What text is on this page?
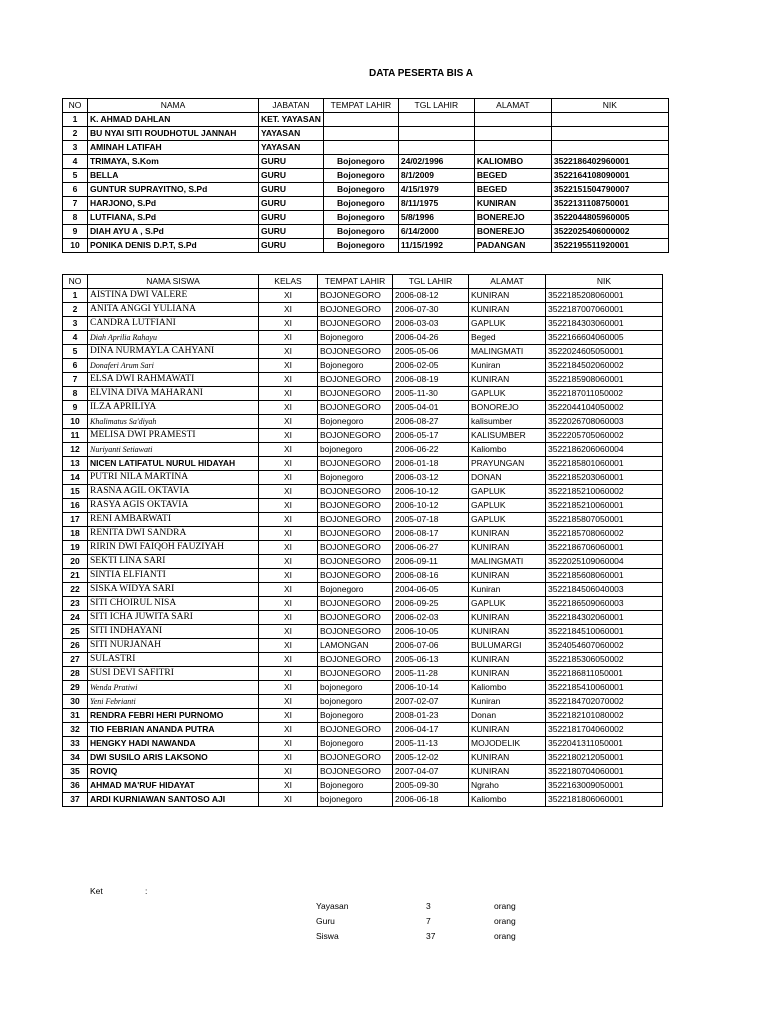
DATA PESERTA BIS A
NO	NAMA	JABATAN	TEMPAT LAHIR	TGL LAHIR	ALAMAT	NIK
1	K. AHMAD DAHLAN	KET. YAYASAN				
2	BU NYAI SITI ROUDHOTUL JANNAH	YAYASAN				
3	AMINAH LATIFAH	YAYASAN				
4	TRIMAYA, S.Kom	GURU	Bojonegoro	24/02/1996	KALIOMBO	3522186402960001
5	BELLA	GURU	Bojonegoro	8/1/2009	BEGED	3522164108090001
6	GUNTUR SUPRAYITNO, S.Pd	GURU	Bojonegoro	4/15/1979	BEGED	3522151504790007
7	HARJONO, S.Pd	GURU	Bojonegoro	8/11/1975	KUNIRAN	3522131108750001
8	LUTFIANA, S.Pd	GURU	Bojonegoro	5/8/1996	BONEREJO	3522044805960005
9	DIAH AYU A , S.Pd	GURU	Bojonegoro	6/14/2000	BONEREJO	3522025406000002
10	PONIKA DENIS D.P.T, S.Pd	GURU	Bojonegoro	11/15/1992	PADANGAN	3522195511920001
NO	NAMA SISWA	KELAS	TEMPAT LAHIR	TGL LAHIR	ALAMAT	NIK
1	AISTINA DWI VALERE	XI	BOJONEGORO	2006-08-12	KUNIRAN	3522185208060001
2	ANITA ANGGI YULIANA	XI	BOJONEGORO	2006-07-30	KUNIRAN	3522187007060001
3	CANDRA LUTFIANI	XI	BOJONEGORO	2006-03-03	GAPLUK	3522184303060001
4	Diah Aprilia Rahayu	XI	Bojonegoro	2006-04-26	Beged	3522166604060005
5	DINA NURMAYLA CAHYANI	XI	BOJONEGORO	2005-05-06	MALINGMATI	3522024605050001
6	Donaferi Arum Sari	XI	Bojonegoro	2006-02-05	Kuniran	3522184502060002
7	ELSA DWI RAHMAWATI	XI	BOJONEGORO	2006-08-19	KUNIRAN	3522185908060001
8	ELVINA DIVA MAHARANI	XI	BOJONEGORO	2005-11-30	GAPLUK	3522187011050002
9	ILZA APRILIYA	XI	BOJONEGORO	2005-04-01	BONOREJO	3522044104050002
10	Khalimatus Sa'diyah	XI	Bojonegoro	2006-08-27	kalisumber	3522026708060003
11	MELISA DWI PRAMESTI	XI	BOJONEGORO	2006-05-17	KALISUMBER	3522205705060002
12	Nuriyanti Setiawati	XI	bojonegoro	2006-06-22	Kaliombo	3522186206060004
13	NICEN LATIFATUL NURUL HIDAYAH	XI	BOJONEGORO	2006-01-18	PRAYUNGAN	3522185801060001
14	PUTRI NILA MARTINA	XI	Bojonegoro	2006-03-12	DONAN	3522185203060001
15	RASNA AGIL OKTAVIA	XI	BOJONEGORO	2006-10-12	GAPLUK	3522185210060002
16	RASYA AGIS OKTAVIA	XI	BOJONEGORO	2006-10-12	GAPLUK	3522185210060001
17	RENI AMBARWATI	XI	BOJONEGORO	2005-07-18	GAPLUK	3522185807050001
18	RENITA DWI SANDRA	XI	BOJONEGORO	2006-08-17	KUNIRAN	3522185708060002
19	RIRIN DWI FAIQOH FAUZIYAH	XI	BOJONEGORO	2006-06-27	KUNIRAN	3522186706060001
20	SEKTI LINA SARI	XI	BOJONEGORO	2006-09-11	MALINGMATI	3522025109060004
21	SINTIA ELFIANTI	XI	BOJONEGORO	2006-08-16	KUNIRAN	3522185608060001
22	SISKA WIDYA SARI	XI	Bojonegoro	2004-06-05	Kuniran	3522184506040003
23	SITI CHOIRUL NISA	XI	BOJONEGORO	2006-09-25	GAPLUK	3522186509060003
24	SITI ICHA JUWITA SARI	XI	BOJONEGORO	2006-02-03	KUNIRAN	3522184302060001
25	SITI INDHAYANI	XI	BOJONEGORO	2006-10-05	KUNIRAN	3522184510060001
26	SITI NURJANAH	XI	LAMONGAN	2006-07-06	BULUMARGI	3524054607060002
27	SULASTRI	XI	BOJONEGORO	2005-06-13	KUNIRAN	3522185306050002
28	SUSI DEVI SAFITRI	XI	BOJONEGORO	2005-11-28	KUNIRAN	3522186811050001
29	Wenda Pratiwi	XI	bojonegoro	2006-10-14	Kaliombo	3522185410060001
30	Yeni Febrianti	XI	bojonegoro	2007-02-07	Kuniran	3522184702070002
31	RENDRA FEBRI HERI PURNOMO	XI	Bojonegoro	2008-01-23	Donan	3522182101080002
32	TIO FEBRIAN ANANDA PUTRA	XI	BOJONEGORO	2006-04-17	KUNIRAN	3522181704060002
33	HENGKY HADI NAWANDA	XI	Bojonegoro	2005-11-13	MOJODELIK	3522041311050001
34	DWI SUSILO ARIS LAKSONO	XI	BOJONEGORO	2005-12-02	KUNIRAN	3522180212050001
35	ROVIQ	XI	BOJONEGORO	2007-04-07	KUNIRAN	3522180704060001
36	AHMAD MA'RUF HIDAYAT	XI	Bojonegoro	2005-09-30	Ngraho	3522163009050001
37	ARDI KURNIAWAN SANTOSO AJI	XI	bojonegoro	2006-06-18	Kaliombo	3522181806060001
Ket	:
Yayasan	3	orang
Guru	7	orang
Siswa	37	orang
